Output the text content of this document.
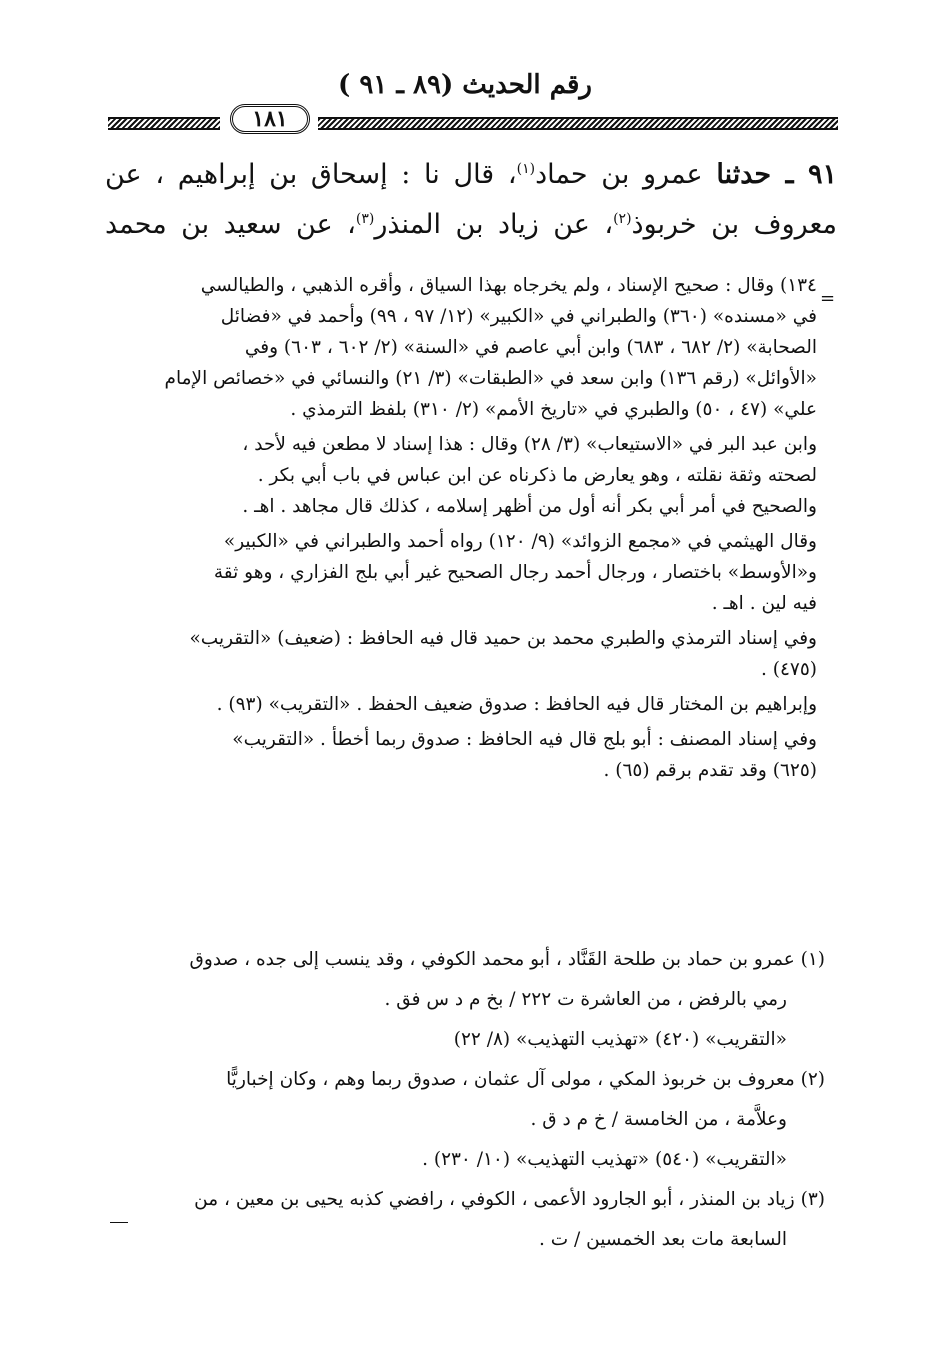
رقم الحديث (٨٩ ـ ٩١ )
١٨١
٩١ ـ حدثنا عمرو بن حماد$^{(١)}$، قال نا : إسحاق بن إبراهيم ، عن
معروف بن خربوذ$^{(٢)}$، عن زياد بن المنذر$^{(٣)}$، عن سعيد بن محمد
=
١٣٤) وقال : صحيح الإسناد ، ولم يخرجاه بهذا السياق ، وأقره الذهبي ، والطيالسي
في «مسنده» (٣٦٠) والطبراني في «الكبير» (١٢/ ٩٧ ، ٩٩) وأحمد في «فضائل
الصحابة» (٢/ ٦٨٢ ، ٦٨٣) وابن أبي عاصم في «السنة» (٢/ ٦٠٢ ، ٦٠٣) وفي
«الأوائل» (رقم ١٣٦) وابن سعد في «الطبقات» (٣/ ٢١) والنسائي في «خصائص الإمام
علي» (٤٧ ، ٥٠) والطبري في «تاريخ الأمم» (٢/ ٣١٠) بلفظ الترمذي .
وابن عبد البر في «الاستيعاب» (٣/ ٢٨) وقال : هذا إسناد لا مطعن فيه لأحد ،
لصحته وثقة نقلته ، وهو يعارض ما ذكرناه عن ابن عباس في باب أبي بكر .
والصحيح في أمر أبي بكر أنه أول من أظهر إسلامه ، كذلك قال مجاهد . اهـ .
وقال الهيثمي في «مجمع الزوائد» (٩/ ١٢٠) رواه أحمد والطبراني في «الكبير»
و«الأوسط» باختصار ، ورجال أحمد رجال الصحيح غير أبي بلج الفزاري ، وهو ثقة
فيه لين . اهـ .
وفي إسناد الترمذي والطبري محمد بن حميد قال فيه الحافظ : (ضعيف) «التقريب»
(٤٧٥) .
وإبراهيم بن المختار قال فيه الحافظ : صدوق ضعيف الحفظ . «التقريب» (٩٣) .
وفي إسناد المصنف : أبو بلج قال فيه الحافظ : صدوق ربما أخطأ . «التقريب»
(٦٢٥) وقد تقدم برقم (٦٥) .
(١) عمرو بن حماد بن طلحة القَنَّاد ، أبو محمد الكوفي ، وقد ينسب إلى جده ، صدوق
رمي بالرفض ، من العاشرة ت ٢٢٢ / بخ م د س فق .
«التقريب» (٤٢٠) «تهذيب التهذيب» (٨/ ٢٢)
(٢) معروف بن خربوذ المكي ، مولى آل عثمان ، صدوق ربما وهم ، وكان إخباريًّا
وعلاَّمة ، من الخامسة / خ م د ق .
«التقريب» (٥٤٠) «تهذيب التهذيب» (١٠/ ٢٣٠) .
(٣) زياد بن المنذر ، أبو الجارود الأعمى ، الكوفي ، رافضي كذبه يحيى بن معين ، من
السابعة مات بعد الخمسين / ت .
